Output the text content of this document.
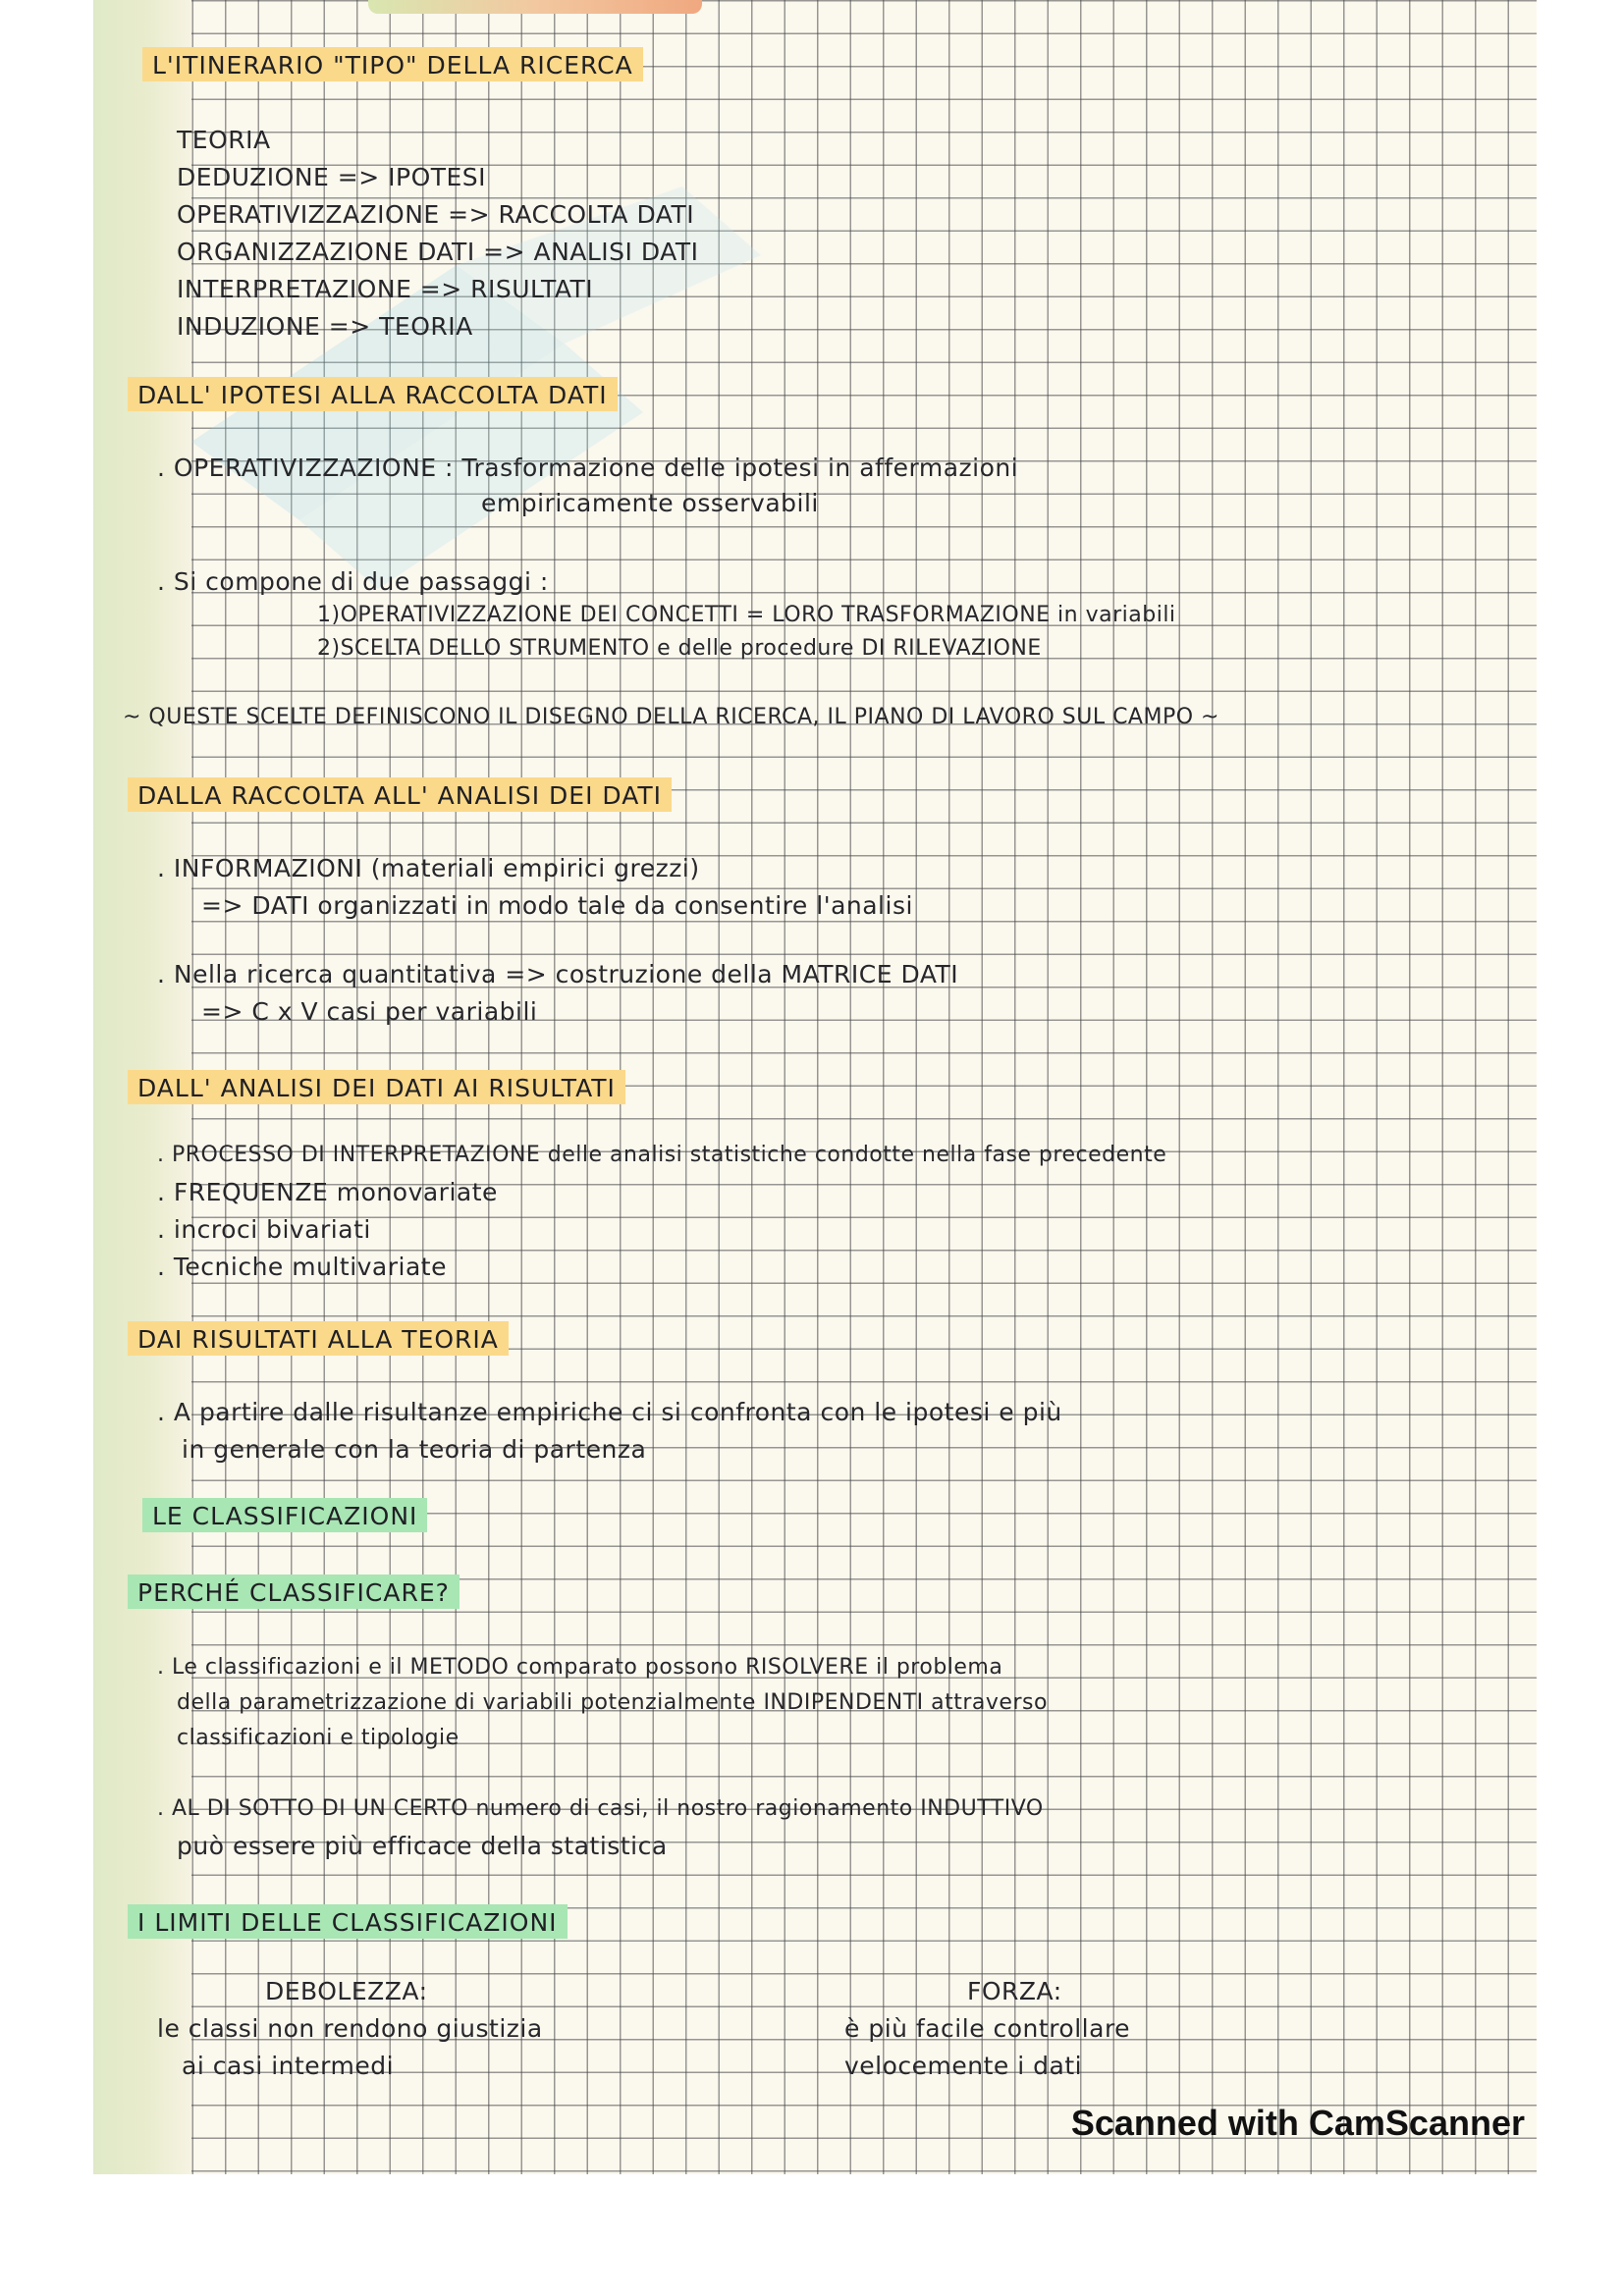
L'ITINERARIO "TIPO" DELLA RICERCA
TEORIA
DEDUZIONE => IPOTESI
OPERATIVIZZAZIONE => RACCOLTA DATI
ORGANIZZAZIONE DATI => ANALISI DATI
INTERPRETAZIONE => RISULTATI
INDUZIONE => TEORIA
DALL' IPOTESI ALLA RACCOLTA DATI
. OPERATIVIZZAZIONE : Trasformazione delle ipotesi in affermazioni
empiricamente osservabili
. Si compone di due passaggi :
1)OPERATIVIZZAZIONE DEI CONCETTI = LORO TRASFORMAZIONE in variabili
2)SCELTA DELLO STRUMENTO e delle procedure DI RILEVAZIONE
~ QUESTE SCELTE DEFINISCONO IL DISEGNO DELLA RICERCA, IL PIANO DI LAVORO SUL CAMPO ~
DALLA RACCOLTA ALL' ANALISI DEI DATI
. INFORMAZIONI (materiali empirici grezzi)
=> DATI organizzati in modo tale da consentire l'analisi
. Nella ricerca quantitativa => costruzione della MATRICE DATI
=> C x V casi per variabili
DALL' ANALISI DEI DATI AI RISULTATI
. PROCESSO DI INTERPRETAZIONE delle analisi statistiche condotte nella fase precedente
. FREQUENZE monovariate
. incroci bivariati
. Tecniche multivariate
DAI RISULTATI ALLA TEORIA
. A partire dalle risultanze empiriche ci si confronta con le ipotesi e più
in generale con la teoria di partenza
LE CLASSIFICAZIONI
PERCHÉ CLASSIFICARE?
. Le classificazioni e il METODO comparato possono RISOLVERE il problema
della parametrizzazione di variabili potenzialmente INDIPENDENTI attraverso
classificazioni e tipologie
. AL DI SOTTO DI UN CERTO numero di casi, il nostro ragionamento INDUTTIVO
può essere più efficace della statistica
I LIMITI DELLE CLASSIFICAZIONI
DEBOLEZZA:
le classi non rendono giustizia
ai casi intermedi
FORZA:
è più facile controllare
velocemente i dati
Scanned with CamScanner
